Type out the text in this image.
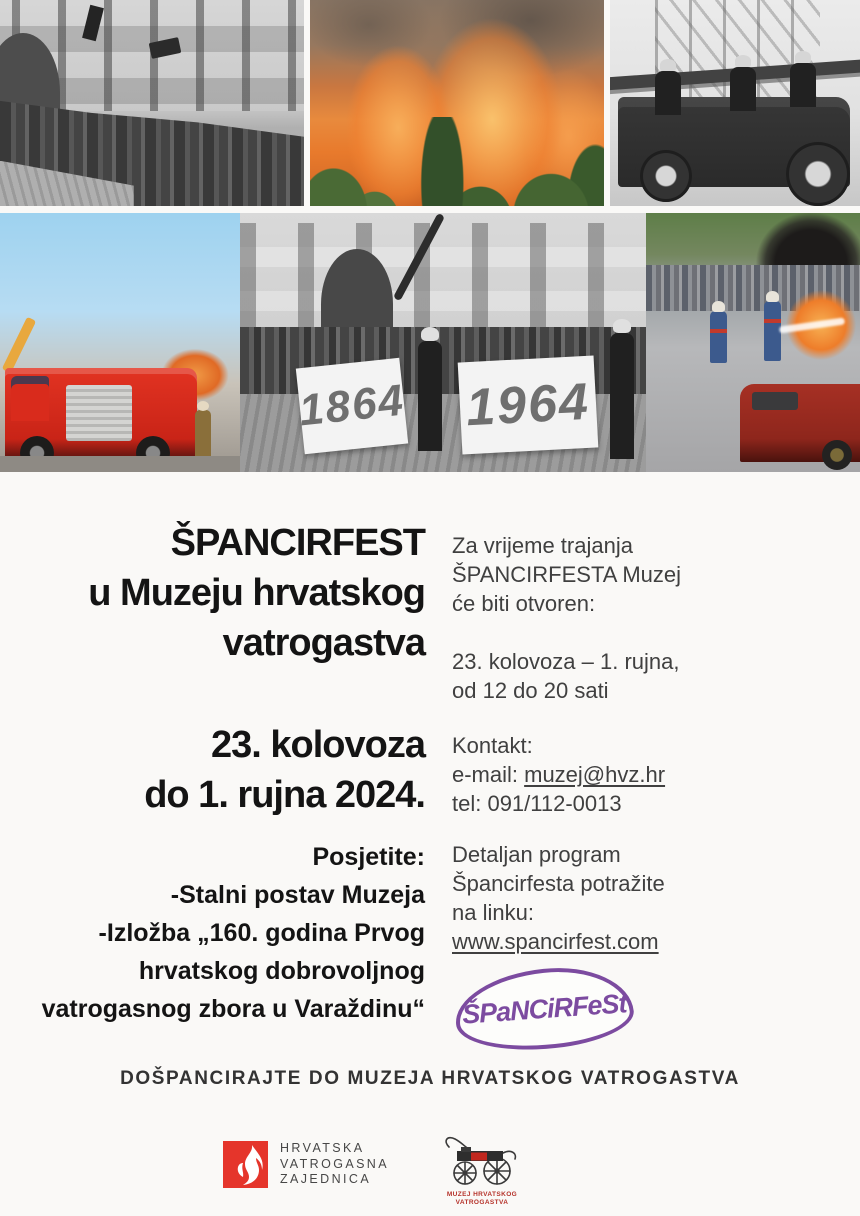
1864 1964
ŠPANCIRFEST
u Muzeju hrvatskog
vatrogastva
23. kolovoza
do 1. rujna 2024.
Posjetite:
-Stalni postav Muzeja
-Izložba „160. godina Prvog
hrvatskog dobrovoljnog
vatrogasnog zbora u Varaždinu“
Za vrijeme trajanja
ŠPANCIRFESTA Muzej
će biti otvoren:
23. kolovoza – 1. rujna,
od 12 do 20 sati
Kontakt:
e-mail: muzej@hvz.hr
tel: 091/112-0013
Detaljan program
Špancirfesta potražite
na linku:
www.spancirfest.com
ŠPaNCiRFeSt
DOŠPANCIRAJTE DO MUZEJA HRVATSKOG VATROGASTVA
HRVATSKA
VATROGASNA
ZAJEDNICA
MUZEJ HRVATSKOG
VATROGASTVA
